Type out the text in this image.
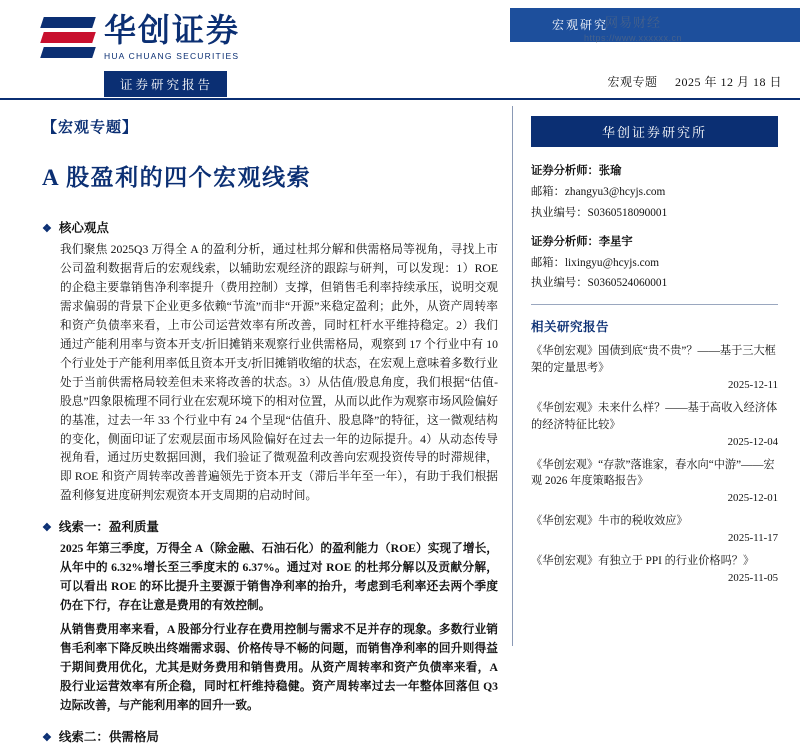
华创证券
HUA CHUANG SECURITIES
证券研究报告
宏观研究
网易财经
https://www.xxxxxx.cn
宏观专题 2025 年 12 月 18 日
【宏观专题】
A 股盈利的四个宏观线索
❖ 核心观点
我们聚焦 2025Q3 万得全 A 的盈利分析，通过杜邦分解和供需格局等视角，寻找上市公司盈利数据背后的宏观线索，以辅助宏观经济的跟踪与研判，可以发现：1）ROE 的企稳主要靠销售净利率提升（费用控制）支撑，但销售毛利率持续承压，说明交观需求偏弱的背景下企业更多依赖“节流”而非“开源”来稳定盈利；此外，从资产周转率和资产负债率来看，上市公司运营效率有所改善，同时杠杆水平维持稳定。2）我们通过产能利用率与资本开支/折旧摊销来观察行业供需格局，观察到 17 个行业中有 10 个行业处于产能利用率低且资本开支/折旧摊销收缩的状态，在宏观上意味着多数行业处于当前供需格局较差但未来将改善的状态。3）从估值/股息角度，我们根据“估值-股息”四象限梳理不同行业在宏观环境下的相对位置，从而以此作为观察市场风险偏好的基准，过去一年 33 个行业中有 24 个呈现“估值升、股息降”的特征，这一微观结构的变化，侧面印证了宏观层面市场风险偏好在过去一年的边际提升。4）从动态传导视角看，通过历史数据回测，我们验证了微观盈利改善向宏观投资传导的时滞规律，即 ROE 和资产周转率改善普遍领先于资本开支（滞后半年至一年），有助于我们根据盈利修复进度研判宏观资本开支周期的启动时间。
❖ 线索一：盈利质量
2025 年第三季度，万得全 A（除金融、石油石化）的盈利能力（ROE）实现了增长，从年中的 6.32%增长至三季度末的 6.37%。通过对 ROE 的杜邦分解以及贡献分解，可以看出 ROE 的环比提升主要源于销售净利率的抬升，考虑到毛利率还去两个季度仍在下行，存在让意是费用的有效控制。
从销售费用率来看，A 股部分行业存在费用控制与需求不足并存的现象。多数行业销售毛利率下降反映出终端需求弱、价格传导不畅的问题，而销售净利率的回升则得益于期间费用优化，尤其是财务费用和销售费用。从资产周转率和资产负债率来看，A 股行业运营效率有所企稳，同时杠杆维持稳健。资产周转率过去一年整体回落但 Q3 边际改善，与产能利用率的回升一致。
❖ 线索二：供需格局
华创证券研究所
证券分析师：张瑜
邮箱：zhangyu3@hcyjs.com
执业编号：S0360518090001
证券分析师：李星宇
邮箱：lixingyu@hcyjs.com
执业编号：S0360524060001
相关研究报告
《华创宏观》国债到底“贵不贵”？——基于三大框架的定量思考》
2025-12-11
《华创宏观》未来什么样？——基于高收入经济体的经济特征比较》
2025-12-04
《华创宏观》“存款”落谁家，春水向“中游”——宏观 2026 年度策略报告》
2025-12-01
《华创宏观》牛市的税收效应》
2025-11-17
《华创宏观》有独立于 PPI 的行业价格吗？》
2025-11-05
